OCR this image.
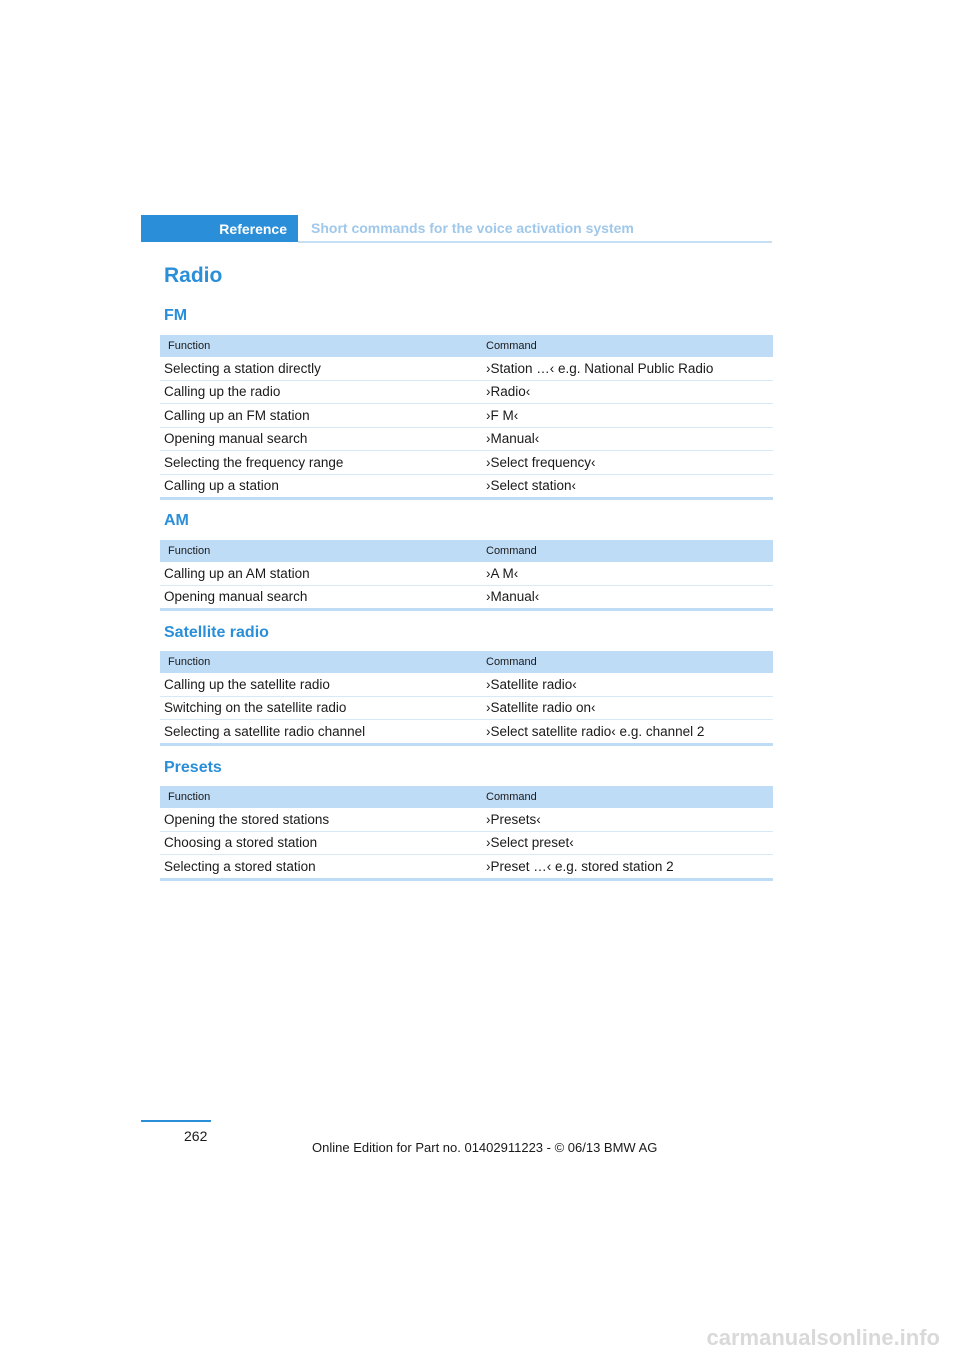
Reference	Short commands for the voice activation system
Radio
FM
Function	Command
Selecting a station directly	›Station …‹ e.g. National Public Radio
Calling up the radio	›Radio‹
Calling up an FM station	›F M‹
Opening manual search	›Manual‹
Selecting the frequency range	›Select frequency‹
Calling up a station	›Select station‹
AM
Function	Command
Calling up an AM station	›A M‹
Opening manual search	›Manual‹
Satellite radio
Function	Command
Calling up the satellite radio	›Satellite radio‹
Switching on the satellite radio	›Satellite radio on‹
Selecting a satellite radio channel	›Select satellite radio‹ e.g. channel 2
Presets
Function	Command
Opening the stored stations	›Presets‹
Choosing a stored station	›Select preset‹
Selecting a stored station	›Preset …‹ e.g. stored station 2
262
Online Edition for Part no. 01402911223 - © 06/13 BMW AG
carmanualsonline.info
